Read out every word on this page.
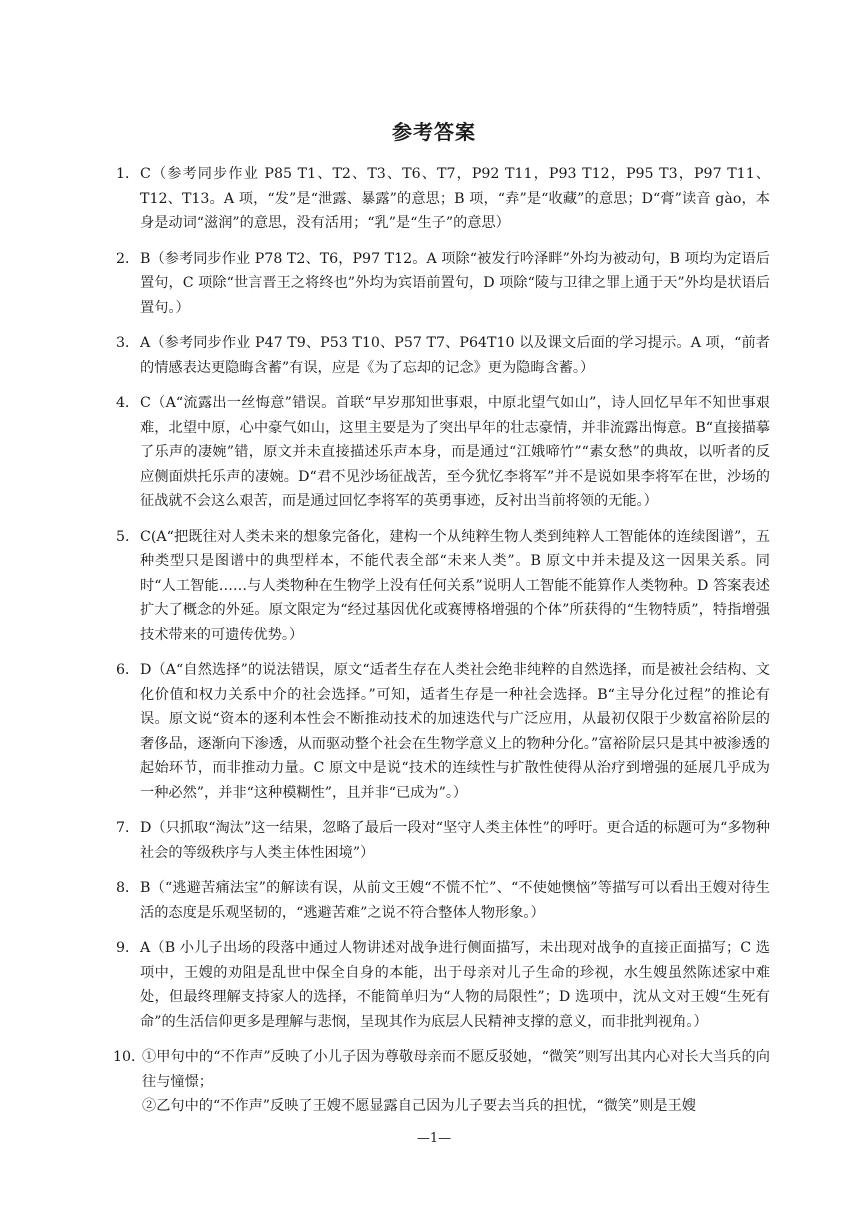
参考答案
1． C（参考同步作业 P85 T1、T2、T3、T6、T7，P92 T11，P93 T12，P95 T3，P97 T11、T12、T13。A 项，“发”是“泄露、暴露”的意思；B 项，“弆”是“收藏”的意思；D“膏”读音 gào，本身是动词“滋润”的意思，没有活用；“乳”是“生子”的意思）
2． B（参考同步作业 P78 T2、T6，P97 T12。A 项除“被发行吟泽畔”外均为被动句，B 项均为定语后置句，C 项除“世言晋王之将终也”外均为宾语前置句，D 项除“陵与卫律之罪上通于天”外均是状语后置句。）
3． A（参考同步作业 P47 T9、P53 T10、P57 T7、P64T10 以及课文后面的学习提示。A 项，“前者的情感表达更隐晦含蓄”有误，应是《为了忘却的记念》更为隐晦含蓄。）
4． C（A“流露出一丝悔意”错误。首联“早岁那知世事艰，中原北望气如山”，诗人回忆早年不知世事艰难，北望中原，心中豪气如山，这里主要是为了突出早年的壮志豪情，并非流露出悔意。B“直接描摹了乐声的凄婉”错，原文并未直接描述乐声本身，而是通过“江娥啼竹”“素女愁”的典故，以听者的反应侧面烘托乐声的凄婉。D“君不见沙场征战苦，至今犹忆李将军”并不是说如果李将军在世，沙场的征战就不会这么艰苦，而是通过回忆李将军的英勇事迹，反衬出当前将领的无能。）
5. C(A“把既往对人类未来的想象完备化，建构一个从纯粹生物人类到纯粹人工智能体的连续图谱”，五种类型只是图谱中的典型样本，不能代表全部“未来人类”。B 原文中并未提及这一因果关系。同时“人工智能……与人类物种在生物学上没有任何关系”说明人工智能不能算作人类物种。D 答案表述扩大了概念的外延。原文限定为“经过基因优化或赛博格增强的个体”所获得的“生物特质”，特指增强技术带来的可遗传优势。）
6． D（A“自然选择”的说法错误，原文“适者生存在人类社会绝非纯粹的自然选择，而是被社会结构、文化价值和权力关系中介的社会选择。”可知，适者生存是一种社会选择。B“主导分化过程”的推论有误。原文说“资本的逐利本性会不断推动技术的加速迭代与广泛应用，从最初仅限于少数富裕阶层的奢侈品，逐渐向下渗透，从而驱动整个社会在生物学意义上的物种分化。”富裕阶层只是其中被渗透的起始环节，而非推动力量。C 原文中是说“技术的连续性与扩散性使得从治疗到增强的延展几乎成为一种必然”，并非“这种模糊性”，且并非“已成为”。）
7． D（只抓取“淘汰”这一结果，忽略了最后一段对“坚守人类主体性”的呼吁。更合适的标题可为“多物种社会的等级秩序与人类主体性困境”）
8． B（“逃避苦痛法宝”的解读有误，从前文王嫂“不慌不忙”、“不使她懊恼”等描写可以看出王嫂对待生活的态度是乐观坚韧的，“逃避苦难”之说不符合整体人物形象。）
9． A（B 小儿子出场的段落中通过人物讲述对战争进行侧面描写，未出现对战争的直接正面描写；C 选项中，王嫂的劝阻是乱世中保全自身的本能，出于母亲对儿子生命的珍视，水生嫂虽然陈述家中难处，但最终理解支持家人的选择，不能简单归为“人物的局限性”；D 选项中，沈从文对王嫂“生死有命”的生活信仰更多是理解与悲悯，呈现其作为底层人民精神支撑的意义，而非批判视角。）
10．
①甲句中的“不作声”反映了小儿子因为尊敬母亲而不愿反驳她，“微笑”则写出其内心对长大当兵的向往与憧憬；
②乙句中的“不作声”反映了王嫂不愿显露自己因为儿子要去当兵的担忧，“微笑”则是王嫂
—1—
